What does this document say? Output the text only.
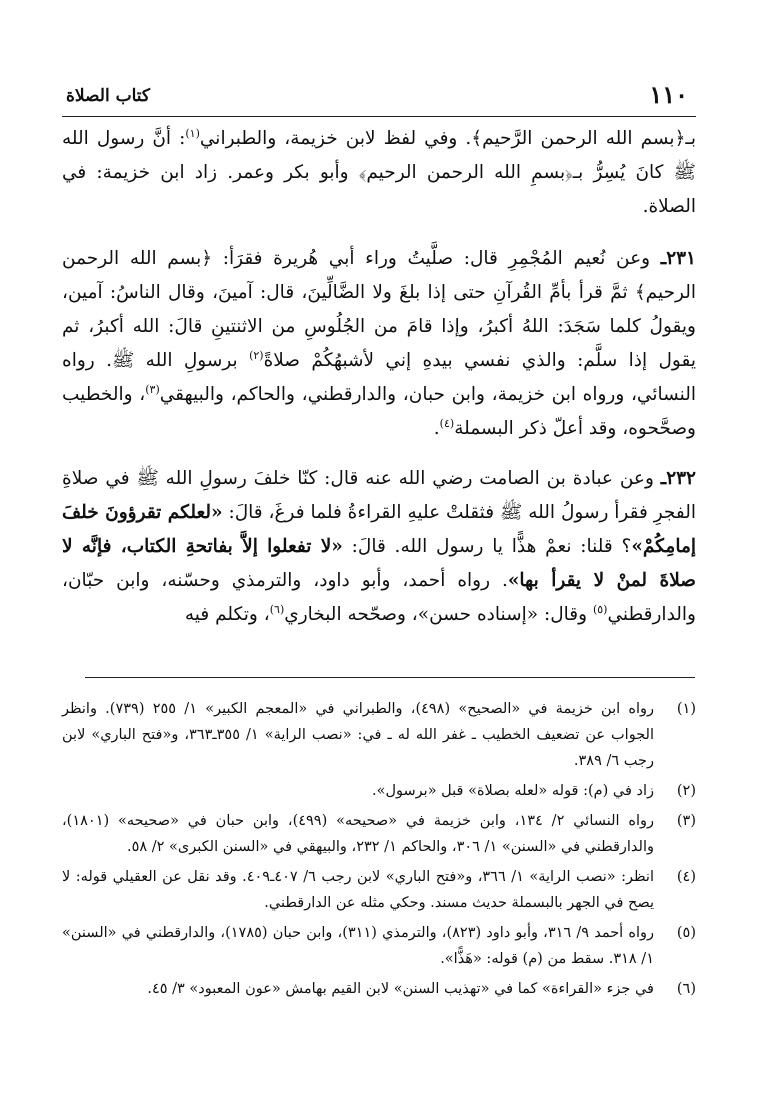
١١٠
كتاب الصلاة

بـ﴿بسم الله الرحمن الرَّحيم﴾. وفي لفظ لابن خزيمة، والطبراني$^{(١)}$: أنَّ رسول الله ﷺ كانَ يُسِرُّ بـ﴿بسمِ الله الرحمن الرحيم﴾ وأبو بكر وعمر. زاد ابن خزيمة: في الصلاة.

٢٣١ـ وعن نُعيم المُجْمِرِ قال: صلَّيتُ وراء أبي هُريرة فقرَأ: ﴿بسم الله الرحمن الرحيم﴾ ثمَّ قرأ بأمِّ القُرآنِ حتى إذا بلغَ ولا الضَّالِّينَ، قال: آمينَ، وقال الناسُ: آمين، ويقولُ كلما سَجَدَ: اللهُ أكبرُ، وإذا قامَ من الجُلُوسِ من الاثنتينِ قالَ: الله أكبرُ، ثم يقول إذا سلَّم: والذي نفسي بيدهِ إني لأشبهُكُمْ صلاةً$^{(٢)}$ برسولِ الله ﷺ. رواه النسائي، ورواه ابن خزيمة، وابن حبان، والدارقطني، والحاكم، والبيهقي$^{(٣)}$، والخطيب وصحَّحوه، وقد أعلّ ذكر البسملة$^{(٤)}$.

٢٣٢ـ وعن عبادة بن الصامت رضي الله عنه قال: كنّا خلفَ رسولِ الله ﷺ في صلاةِ الفجرِ فقرأ رسولُ الله ﷺ فثقلتْ عليهِ القراءةُ فلما فرغَ، قالَ: «لعلكم تقرؤونَ خلفَ إمامِكُمْ»؟ قلنا: نعمْ هذًّا يا رسول الله. قالَ: «لا تفعلوا إلاَّ بفاتحةِ الكتاب، فإنَّه لا صلاةَ لمنْ لا يقرأ بها». رواه أحمد، وأبو داود، والترمذي وحسّنه، وابن حبّان، والدارقطني$^{(٥)}$ وقال: «إسناده حسن»، وصحّحه البخاري$^{(٦)}$، وتكلم فيه

(١)
رواه ابن خزيمة في «الصحيح» (٤٩٨)، والطبراني في «المعجم الكبير» ١/ ٢٥٥ (٧٣٩). وانظر الجواب عن تضعيف الخطيب ـ غفر الله له ـ في: «نصب الراية» ١/ ٣٥٥ـ٣٦٣، و«فتح الباري» لابن رجب ٦/ ٣٨٩.
(٢)
زاد في (م): قوله «لعله بصلاة» قبل «برسول».
(٣)
رواه النسائي ٢/ ١٣٤، وابن خزيمة في «صحيحه» (٤٩٩)، وابن حبان في «صحيحه» (١٨٠١)، والدارقطني في «السنن» ١/ ٣٠٦، والحاكم ١/ ٢٣٢، والبيهقي في «السنن الكبرى» ٢/ ٥٨.
(٤)
انظر: «نصب الراية» ١/ ٣٦٦، و«فتح الباري» لابن رجب ٦/ ٤٠٧ـ٤٠٩. وقد نقل عن العقيلي قوله: لا يصح في الجهر بالبسملة حديث مسند. وحكي مثله عن الدارقطني.
(٥)
رواه أحمد ٩/ ٣١٦، وأبو داود (٨٢٣)، والترمذي (٣١١)، وابن حبان (١٧٨٥)، والدارقطني في «السنن» ١/ ٣١٨. سقط من (م) قوله: «هَذًّا».
(٦)
في جزء «القراءة» كما في «تهذيب السنن» لابن القيم بهامش «عون المعبود» ٣/ ٤٥.
